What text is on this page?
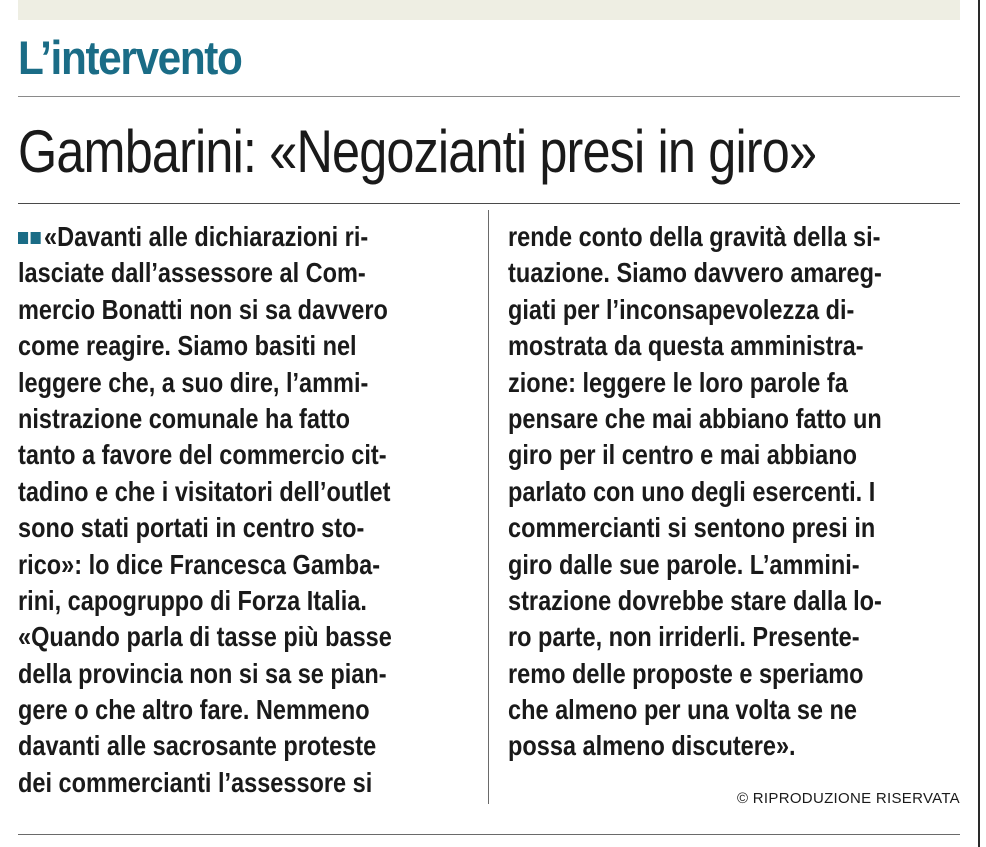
L’intervento
Gambarini: «Negozianti presi in giro»
«Davanti alle dichiarazioni ri-
lasciate dall’assessore al Com-
mercio Bonatti non si sa davvero
come reagire. Siamo basiti nel
leggere che, a suo dire, l’ammi-
nistrazione comunale ha fatto
tanto a favore del commercio cit-
tadino e che i visitatori dell’outlet
sono stati portati in centro sto-
rico»: lo dice Francesca Gamba-
rini, capogruppo di Forza Italia.
«Quando parla di tasse più basse
della provincia non si sa se pian-
gere o che altro fare. Nemmeno
davanti alle sacrosante proteste
dei commercianti l’assessore si
rende conto della gravità della si-
tuazione. Siamo davvero amareg-
giati per l’inconsapevolezza di-
mostrata da questa amministra-
zione: leggere le loro parole fa
pensare che mai abbiano fatto un
giro per il centro e mai abbiano
parlato con uno degli esercenti. I
commercianti si sentono presi in
giro dalle sue parole. L’ammini-
strazione dovrebbe stare dalla lo-
ro parte, non irriderli. Presente-
remo delle proposte e speriamo
che almeno per una volta se ne
possa almeno discutere».
© RIPRODUZIONE RISERVATA
